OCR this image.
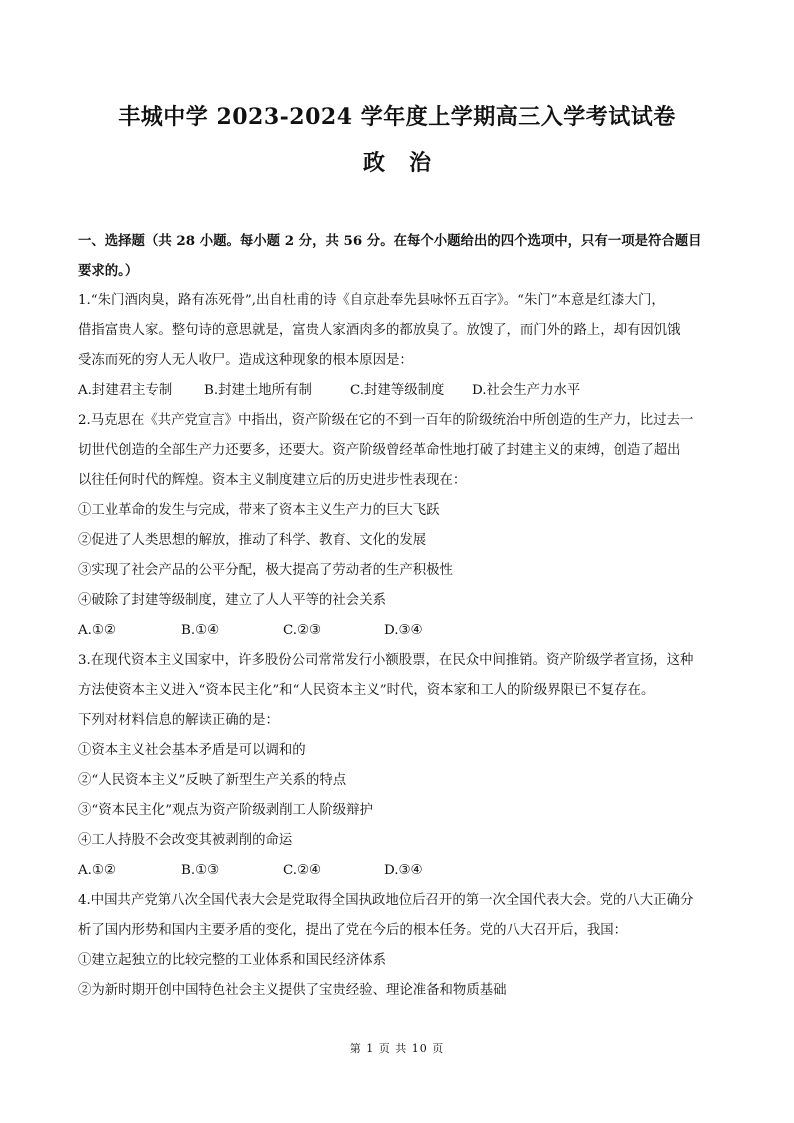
丰城中学 2023-2024 学年度上学期高三入学考试试卷
政治
一、选择题（共 28 小题。每小题 2 分，共 56 分。在每个小题给出的四个选项中，只有一项是符合题目
要求的。）
1.“朱门酒肉臭，路有冻死骨”,出自杜甫的诗《自京赴奉先县咏怀五百字》。“朱门”本意是红漆大门，
借指富贵人家。整句诗的意思就是，富贵人家酒肉多的都放臭了。放馊了，而门外的路上，却有因饥饿
受冻而死的穷人无人收尸。造成这种现象的根本原因是：
A.封建君主专制	B.封建土地所有制	C.封建等级制度	D.社会生产力水平
2.马克思在《共产党宣言》中指出，资产阶级在它的不到一百年的阶级统治中所创造的生产力，比过去一
切世代创造的全部生产力还要多，还要大。资产阶级曾经革命性地打破了封建主义的束缚，创造了超出
以往任何时代的辉煌。资本主义制度建立后的历史进步性表现在：
①工业革命的发生与完成，带来了资本主义生产力的巨大飞跃
②促进了人类思想的解放，推动了科学、教育、文化的发展
③实现了社会产品的公平分配，极大提高了劳动者的生产积极性
④破除了封建等级制度，建立了人人平等的社会关系
A.①②	B.①④	C.②③	D.③④
3.在现代资本主义国家中，许多股份公司常常发行小额股票，在民众中间推销。资产阶级学者宣扬，这种
方法使资本主义进入“资本民主化”和“人民资本主义”时代，资本家和工人的阶级界限已不复存在。
下列对材料信息的解读正确的是：
①资本主义社会基本矛盾是可以调和的
②“人民资本主义”反映了新型生产关系的特点
③“资本民主化”观点为资产阶级剥削工人阶级辩护
④工人持股不会改变其被剥削的命运
A.①②	B.①③	C.②④	D.③④
4.中国共产党第八次全国代表大会是党取得全国执政地位后召开的第一次全国代表大会。党的八大正确分
析了国内形势和国内主要矛盾的变化，提出了党在今后的根本任务。党的八大召开后，我国：
①建立起独立的比较完整的工业体系和国民经济体系
②为新时期开创中国特色社会主义提供了宝贵经验、理论准备和物质基础
第 1 页 共 10 页
